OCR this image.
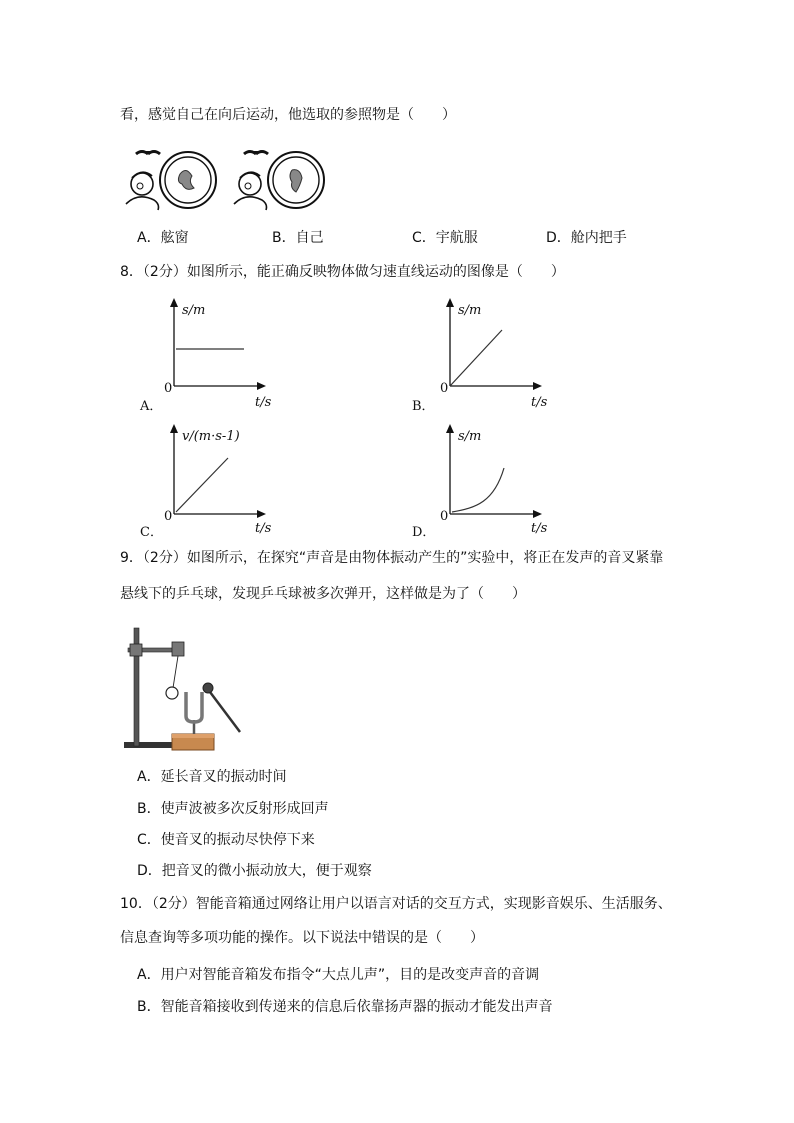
看，感觉自己在向后运动，他选取的参照物是（　　）
A．舷窗	B．自己	C．宇航服	D．舱内把手
8．（2分）如图所示，能正确反映物体做匀速直线运动的图像是（　　）
s/m
t/s
0
A．
s/m
t/s
0
B．
v/(m·s-1)
t/s
0
C．
s/m
t/s
0
D．
9．（2分）如图所示，在探究“声音是由物体振动产生的”实验中，将正在发声的音叉紧靠
悬线下的乒乓球，发现乒乓球被多次弹开，这样做是为了（　　）
A．延长音叉的振动时间
B．使声波被多次反射形成回声
C．使音叉的振动尽快停下来
D．把音叉的微小振动放大，便于观察
10．（2分）智能音箱通过网络让用户以语言对话的交互方式，实现影音娱乐、生活服务、
信息查询等多项功能的操作。以下说法中错误的是（　　）
A．用户对智能音箱发布指令“大点儿声”，目的是改变声音的音调
B．智能音箱接收到传递来的信息后依靠扬声器的振动才能发出声音
